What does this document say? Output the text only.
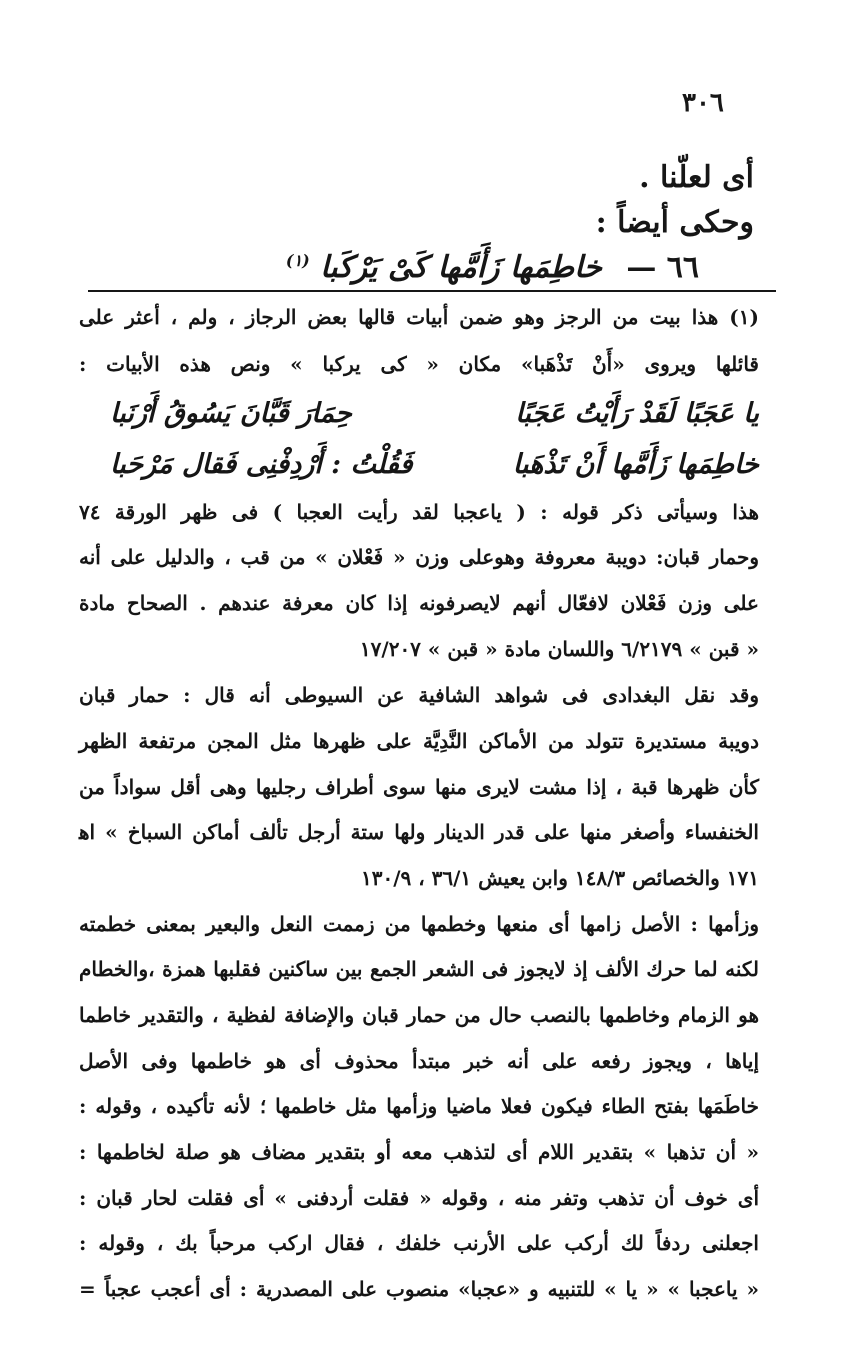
٣٠٦
أى لعلّنا .
وحكى أيضاً :
٦٦ — خاطِمَها زَأَمَّها كَىْ يَرْكَبا $^{(١)}$
(١) هذا بيت من الرجز وهو ضمن أبيات قالها بعض الرجاز ، ولم ، أعثر على
قائلها ويروى «أَنْ تَذْهَبا» مكان « كى يركبا » ونص هذه الأبيات :
يا عَجَبًا لَقَدْ رَأَيْتُ عَجَبًا
حِمَارَ قَبَّانَ يَسُوقُ أَرْنَبا
خاطِمَها زَأَمَّها أَنْ تَذْهَبا
فَقُلْتُ : أَرْدِفْنِى فَقال مَرْحَبا
هذا وسيأتى ذكر قوله : ( ياعجبا لقد رأيت العجبا ) فى ظهر الورقة ٧٤
وحمار قبان: دويبة معروفة وهوعلى وزن « فَعْلان » من قب ، والدليل على أنه
على وزن فَعْلان لافعّال أنهم لايصرفونه إذا كان معرفة عندهم . الصحاح مادة
« قبن » ٦/٢١٧٩ واللسان مادة « قبن » ١٧/٢٠٧
وقد نقل البغدادى فى شواهد الشافية عن السيوطى أنه قال : حمار قبان
دويبة مستديرة تتولد من الأماكن النَّدِيَّة على ظهرها مثل المجن مرتفعة الظهر
كأن ظهرها قبة ، إذا مشت لايرى منها سوى أطراف رجليها وهى أقل سواداً من
الخنفساء وأصغر منها على قدر الدينار ولها ستة أرجل تألف أماكن السباخ » اﻫ
١٧١ والخصائص ١٤٨/٣ وابن يعيش ٣٦/١ ، ١٣٠/٩
وزأمها : الأصل زامها أى منعها وخطمها من زممت النعل والبعير بمعنى خطمته
لكنه لما حرك الألف إذ لايجوز فى الشعر الجمع بين ساكنين فقلبها همزة ،والخطام
هو الزمام وخاطمها بالنصب حال من حمار قبان والإضافة لفظية ، والتقدير خاطما
إياها ، ويجوز رفعه على أنه خبر مبتدأ محذوف أى هو خاطمها وفى الأصل
خاطَمَها بفتح الطاء فيكون فعلا ماضيا وزأمها مثل خاطمها ؛ لأنه تأكيده ، وقوله :
« أن تذهبا » بتقدير اللام أى لتذهب معه أو بتقدير مضاف هو صلة لخاطمها :
أى خوف أن تذهب وتفر منه ، وقوله « فقلت أردفنى » أى فقلت لحار قبان :
اجعلنى ردفاً لك أركب على الأرنب خلفك ، فقال اركب مرحباً بك ، وقوله :
« ياعجبا » « يا » للتنبيه و «عجبا» منصوب على المصدرية : أى أعجب عجباً =
